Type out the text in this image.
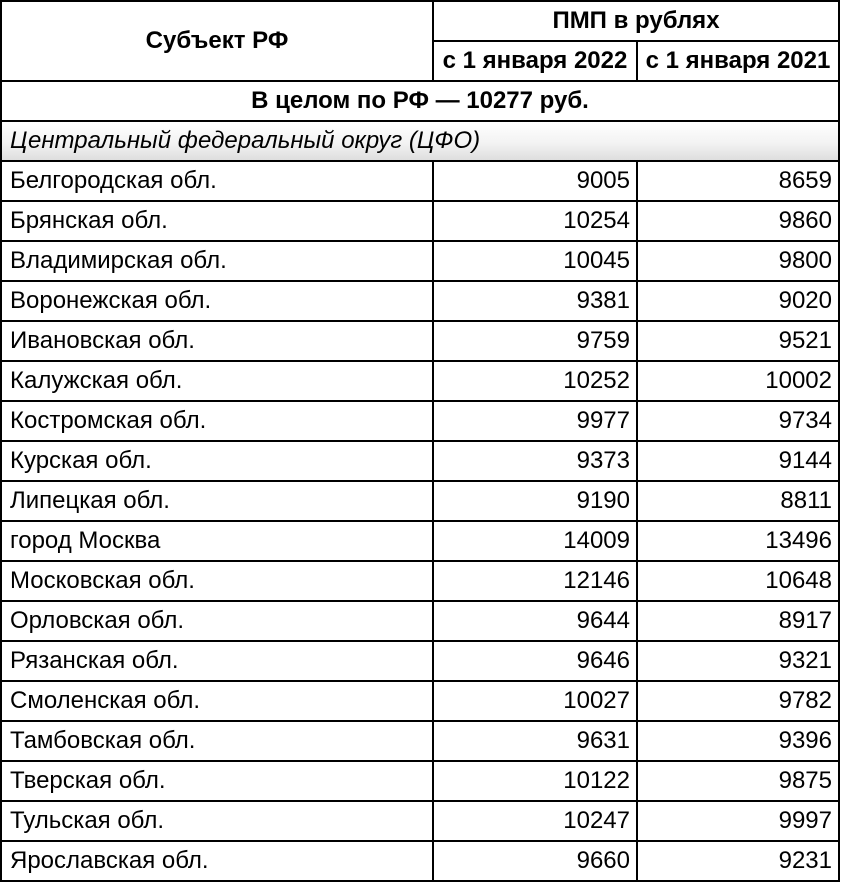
Субъект РФ
ПМП в рублях
с 1 января 2022 с 1 января 2021
В целом по РФ — 10277 руб.
Центральный федеральный округ (ЦФО)
Белгородская обл.	9005	8659
Брянская обл.	10254	9860
Владимирская обл.	10045	9800
Воронежская обл.	9381	9020
Ивановская обл.	9759	9521
Калужская обл.	10252	10002
Костромская обл.	9977	9734
Курская обл.	9373	9144
Липецкая обл.	9190	8811
город Москва	14009	13496
Московская обл.	12146	10648
Орловская обл.	9644	8917
Рязанская обл.	9646	9321
Смоленская обл.	10027	9782
Тамбовская обл.	9631	9396
Тверская обл.	10122	9875
Тульская обл.	10247	9997
Ярославская обл.	9660	9231
